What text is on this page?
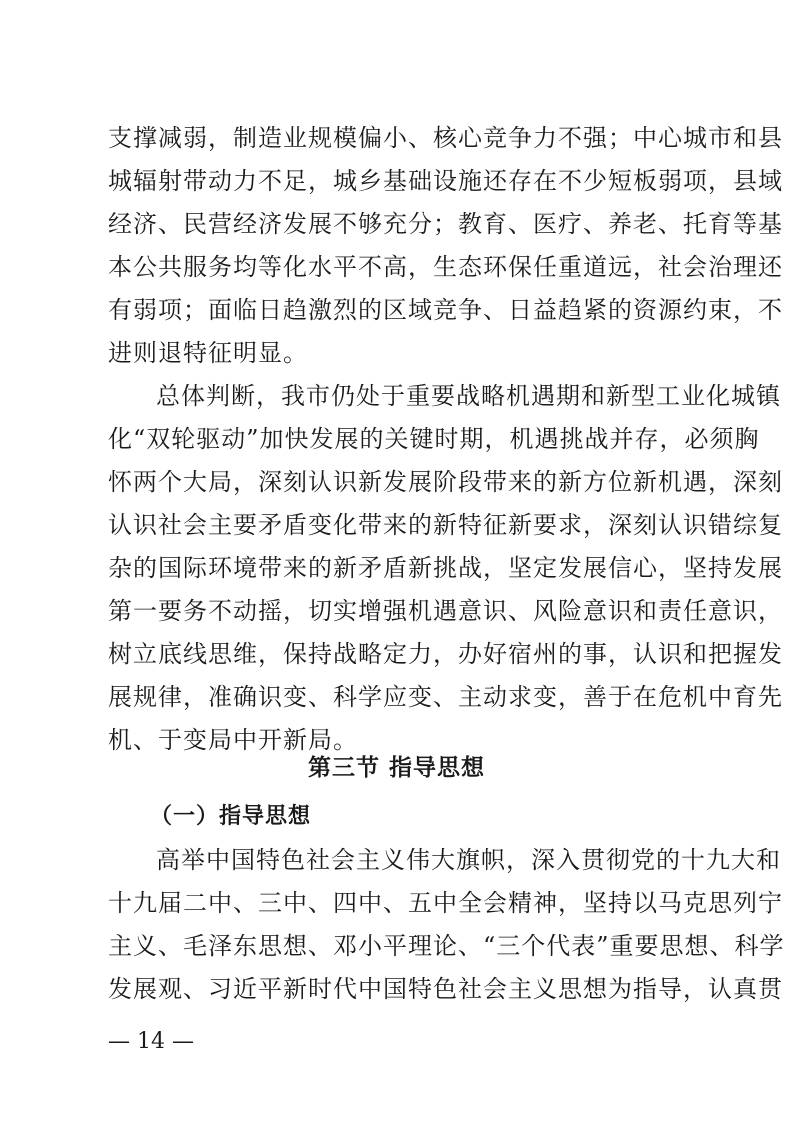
支撑减弱，制造业规模偏小、核心竞争力不强；中心城市和县
城辐射带动力不足，城乡基础设施还存在不少短板弱项，县域
经济、民营经济发展不够充分；教育、医疗、养老、托育等基
本公共服务均等化水平不高，生态环保任重道远，社会治理还
有弱项；面临日趋激烈的区域竞争、日益趋紧的资源约束，不
进则退特征明显。
总体判断，我市仍处于重要战略机遇期和新型工业化城镇
化“双轮驱动”加快发展的关键时期，机遇挑战并存，必须胸
怀两个大局，深刻认识新发展阶段带来的新方位新机遇，深刻
认识社会主要矛盾变化带来的新特征新要求，深刻认识错综复
杂的国际环境带来的新矛盾新挑战，坚定发展信心，坚持发展
第一要务不动摇，切实增强机遇意识、风险意识和责任意识，
树立底线思维，保持战略定力，办好宿州的事，认识和把握发
展规律，准确识变、科学应变、主动求变，善于在危机中育先
机、于变局中开新局。
第三节 指导思想
（一）指导思想
高举中国特色社会主义伟大旗帜，深入贯彻党的十九大和
十九届二中、三中、四中、五中全会精神，坚持以马克思列宁
主义、毛泽东思想、邓小平理论、“三个代表”重要思想、科学
发展观、习近平新时代中国特色社会主义思想为指导，认真贯
— 14 —
